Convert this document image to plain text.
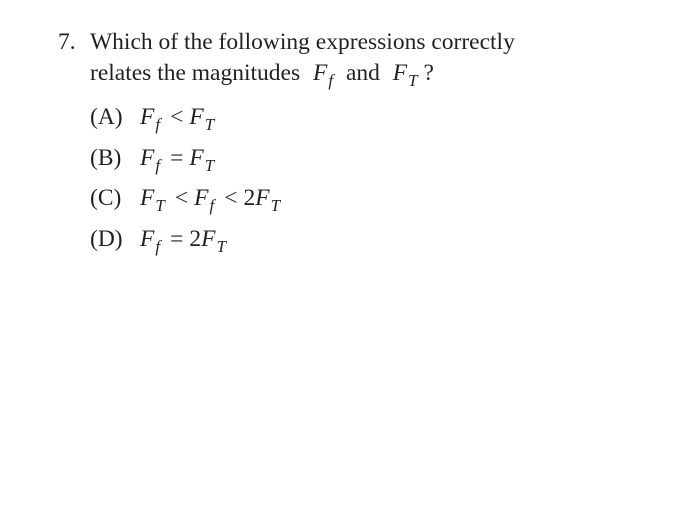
7. Which of the following expressions correctly
relates the magnitudes $F_f$ and $F_T$ ?
(A) $F_f < F_T$
(B) $F_f = F_T$
(C) $F_T < F_f < 2F_T$
(D) $F_f = 2F_T$
